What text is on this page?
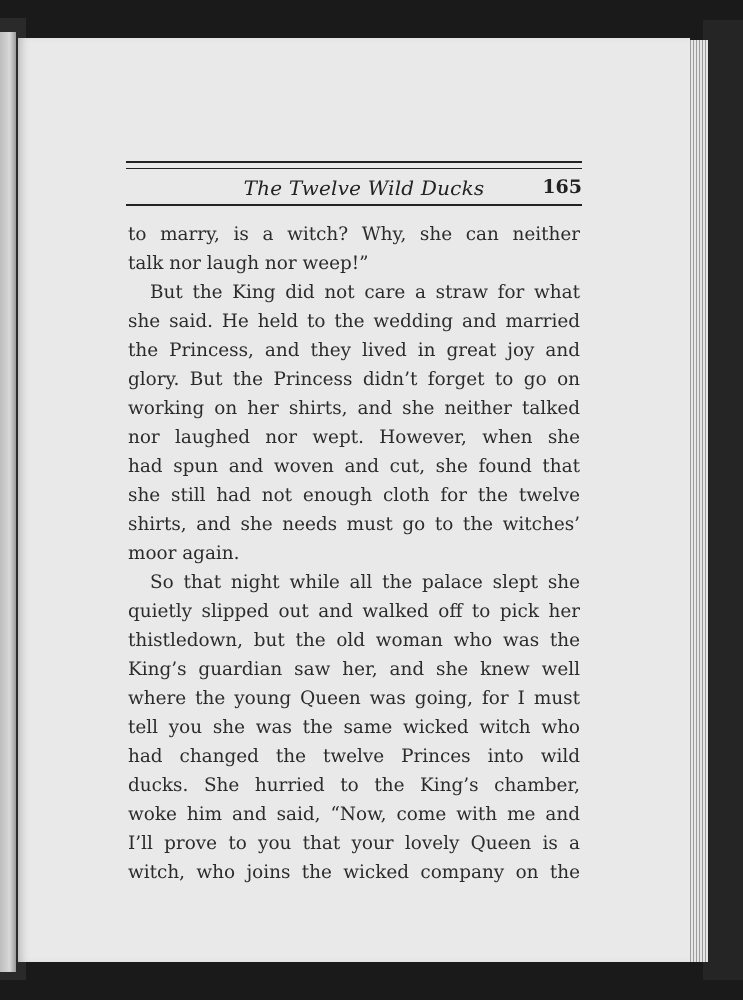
The Twelve Wild Ducks	165
to marry, is a witch? Why, she can neither
talk nor laugh nor weep!”
But the King did not care a straw for what
she said. He held to the wedding and married
the Princess, and they lived in great joy and
glory. But the Princess didn’t forget to go on
working on her shirts, and she neither talked
nor laughed nor wept. However, when she
had spun and woven and cut, she found that
she still had not enough cloth for the twelve
shirts, and she needs must go to the witches’
moor again.
So that night while all the palace slept she
quietly slipped out and walked off to pick her
thistledown, but the old woman who was the
King’s guardian saw her, and she knew well
where the young Queen was going, for I must
tell you she was the same wicked witch who
had changed the twelve Princes into wild
ducks. She hurried to the King’s chamber,
woke him and said, “Now, come with me and
I’ll prove to you that your lovely Queen is a
witch, who joins the wicked company on the
